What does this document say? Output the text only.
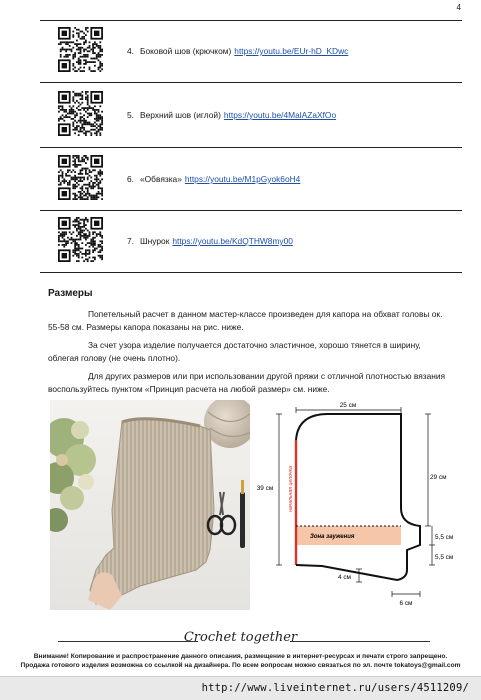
4
4. Боковой шов (крючком) https://youtu.be/EUr-hD_KDwc
5. Верхний шов (иглой) https://youtu.be/4MalAZaXfOo
6. «Обвязка» https://youtu.be/M1pGyok6oH4
7. Шнурок https://youtu.be/KdQTHW8my00
Размеры
Попетельный расчет в данном мастер-классе произведен для капора на обхват головы ок.
55-58 см. Размеры капора показаны на рис. ниже.
За счет узора изделие получается достаточно эластичное, хорошо тянется в ширину,
облегая голову (не очень плотно).
Для других размеров или при использовании другой пряжи с отличной плотностью вязания
воспользуйтесь пунктом «Принцип расчета на любой размер» см. ниже.
25 см
39 см	начальная цепочка	29 см
5,5 см
5,5 см
Зона заужения
4 см
6 см
Crochet together
Внимание! Копирование и распространение данного описания, размещение в интернет-ресурсах и печати строго запрещено.
Продажа готового изделия возможна со ссылкой на дизайнера. По всем вопросам можно связаться по эл. почте tokatoys@gmail.com
http://www.liveinternet.ru/users/4511209/
